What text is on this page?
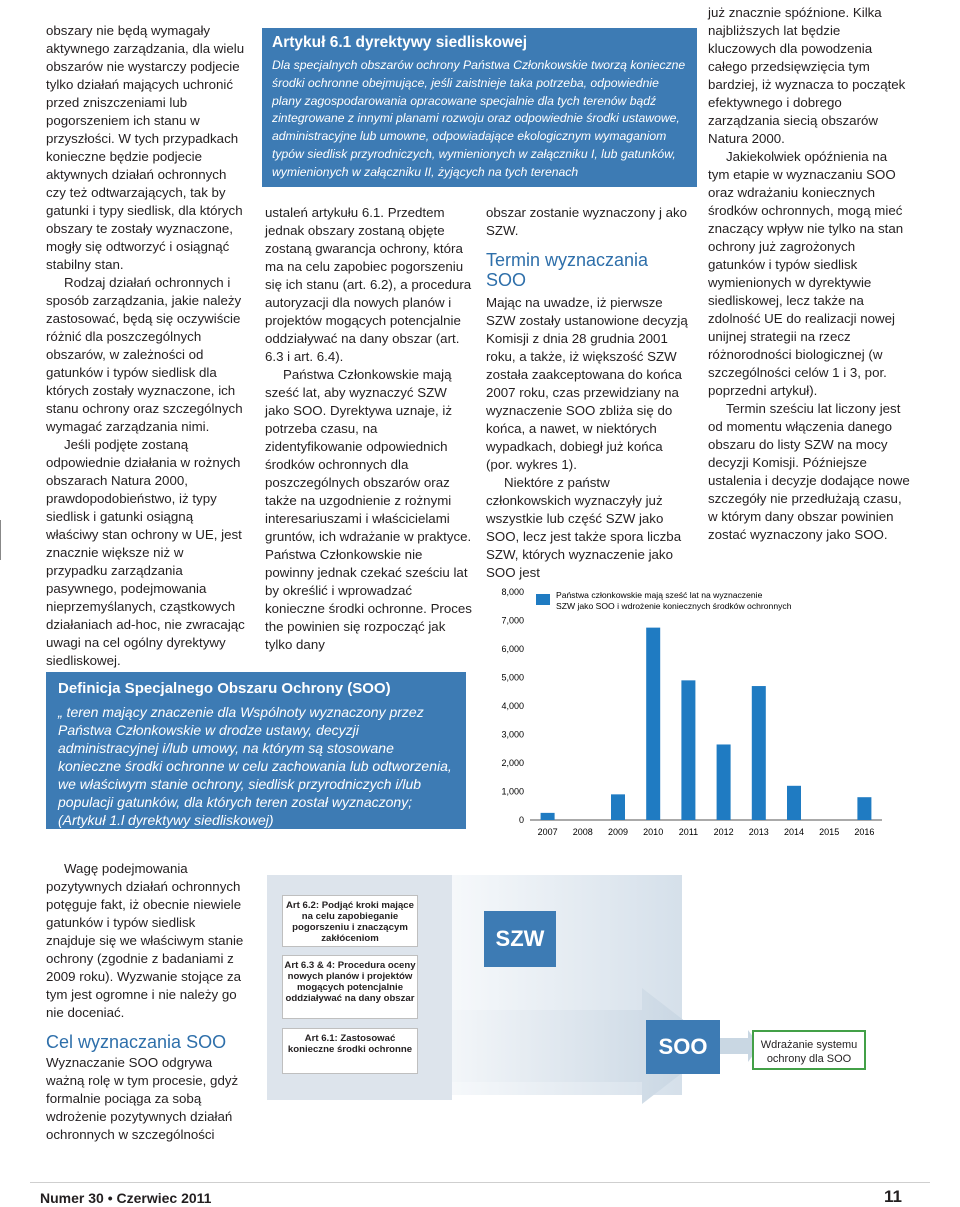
obszary nie będą wymagały aktywnego zarządzania, dla wielu obszarów nie wystarczy podjecie tylko działań mających uchronić przed zniszczeniami lub pogorszeniem ich stanu w przyszłości. W tych przypadkach konieczne będzie podjecie aktywnych działań ochronnych czy też odtwarzających, tak by gatunki i typy siedlisk, dla których obszary te zostały wyznaczone, mogły się odtworzyć i osiągnąć stabilny stan.

Rodzaj działań ochronnych i sposób zarządzania, jakie należy zastosować, będą się oczywiście różnić dla poszczególnych obszarów, w zależności od gatunków i typów siedlisk dla których zostały wyznaczone, ich stanu ochrony oraz szczególnych wymagać zarządzania nimi.

Jeśli podjęte zostaną odpowiednie działania w rożnych obszarach Natura 2000, prawdopodobieństwo, iż typy siedlisk i gatunki osiągną właściwy stan ochrony w UE, jest znacznie większe niż w przypadku zarządzania pasywnego, podejmowania nieprzemyślanych, cząstkowych działaniach ad-hoc, nie zwracając uwagi na cel ogólny dyrektywy siedliskowej.

Artykuł 6.1 dyrektywy siedliskowej
Dla specjalnych obszarów ochrony Państwa Członkowskie tworzą konieczne środki ochronne obejmujące, jeśli zaistnieje taka potrzeba, odpowiednie plany zagospodarowania opracowane specjalnie dla tych terenów bądź zintegrowane z innymi planami rozwoju oraz odpowiednie środki ustawowe, administracyjne lub umowne, odpowiadające ekologicznym wymaganiom typów siedlisk przyrodniczych, wymienionych w załączniku I, lub gatunków, wymienionych w załączniku II, żyjących na tych terenach

ustaleń artykułu 6.1. Przedtem jednak obszary zostaną objęte zostaną gwarancja ochrony, która ma na celu zapobiec pogorszeniu się ich stanu (art. 6.2), a procedura autoryzacji dla nowych planów i projektów mogących potencjalnie oddziaływać na dany obszar (art. 6.3 i art. 6.4).

Państwa Członkowskie mają sześć lat, aby wyznaczyć SZW jako SOO. Dyrektywa uznaje, iż potrzeba czasu, na zidentyfikowanie odpowiednich środków ochronnych dla poszczególnych obszarów oraz także na uzgodnienie z rożnymi interesariuszami i właścicielami gruntów, ich wdrażanie w praktyce. Państwa Członkowskie nie powinny jednak czekać sześciu lat by określić i wprowadzać konieczne środki ochronne. Proces the powinien się rozpocząć jak tylko dany

obszar zostanie wyznaczony j ako SZW.

Termin wyznaczania SOO

Mając na uwadze, iż pierwsze SZW zostały ustanowione decyzją Komisji z dnia 28 grudnia 2001 roku, a także, iż większość SZW została zaakceptowana do końca 2007 roku, czas przewidziany na wyznaczenie SOO zbliża się do końca, a nawet, w niektórych wypadkach, dobiegł już końca (por. wykres 1).

Niektóre z państw członkowskich wyznaczyły już wszystkie lub część SZW jako SOO, lecz jest także spora liczba SZW, których wyznaczenie jako SOO jest

już znacznie spóźnione. Kilka najbliższych lat będzie kluczowych dla powodzenia całego przedsięwzięcia tym bardziej, iż wyznacza to początek efektywnego i dobrego zarządzania siecią obszarów Natura 2000.

Jakiekolwiek opóźnienia na tym etapie w wyznaczaniu SOO oraz wdrażaniu koniecznych środków ochronnych, mogą mieć znaczący wpływ nie tylko na stan ochrony już zagrożonych gatunków i typów siedlisk wymienionych w dyrektywie siedliskowej, lecz także na zdolność UE do realizacji nowej unijnej strategii na rzecz różnorodności biologicznej (w szczególności celów 1 i 3, por. poprzedni artykuł).

Termin sześciu lat liczony jest od momentu włączenia danego obszaru do listy SZW na mocy decyzji Komisji. Późniejsze ustalenia i decyzje dodające nowe szczegóły nie przedłużają czasu, w którym dany obszar powinien zostać wyznaczony jako SOO.

0
1,000
2,000
3,000
4,000
5,000
6,000
7,000
8,000
2007 2008 2009 2010 2011 2012 2013 2014 2015 2016
Państwa członkowskie mają sześć lat na wyznaczenie
SZW jako SOO i wdrożenie koniecznych środków ochronnych
Definicja Specjalnego Obszaru Ochrony (SOO)
„ teren mający znaczenie dla Wspólnoty wyznaczony przez Państwa Członkowskie w drodze ustawy, decyzji administracyjnej i/lub umowy, na którym są stosowane konieczne środki ochronne w celu zachowania lub odtworzenia, we właściwym stanie ochrony, siedlisk przyrodniczych i/lub populacji gatunków, dla których teren został wyznaczony; (Artykuł 1.l dyrektywy siedliskowej)

Wagę podejmowania pozytywnych działań ochronnych potęguje fakt, iż obecnie niewiele gatunków i typów siedlisk znajduje się we właściwym stanie ochrony (zgodnie z badaniami z 2009 roku). Wyzwanie stojące za tym jest ogromne i nie należy go nie doceniać.

Cel wyznaczania SOO

Wyznaczanie SOO odgrywa ważną rolę w tym procesie, gdyż formalnie pociąga za sobą wdrożenie pozytywnych działań ochronnych w szczególności

Art 6.2: Podjąć kroki mające na celu zapobieganie pogorszeniu i znaczącym zakłóceniom
Art 6.3 & 4: Procedura oceny nowych planów i projektów mogących potencjalnie oddziaływać na dany obszar
Art 6.1: Zastosować konieczne środki ochronne
SZW
SOO	Wdrażanie systemu ochrony dla SOO
Numer 30 • Czerwiec 2011	11
